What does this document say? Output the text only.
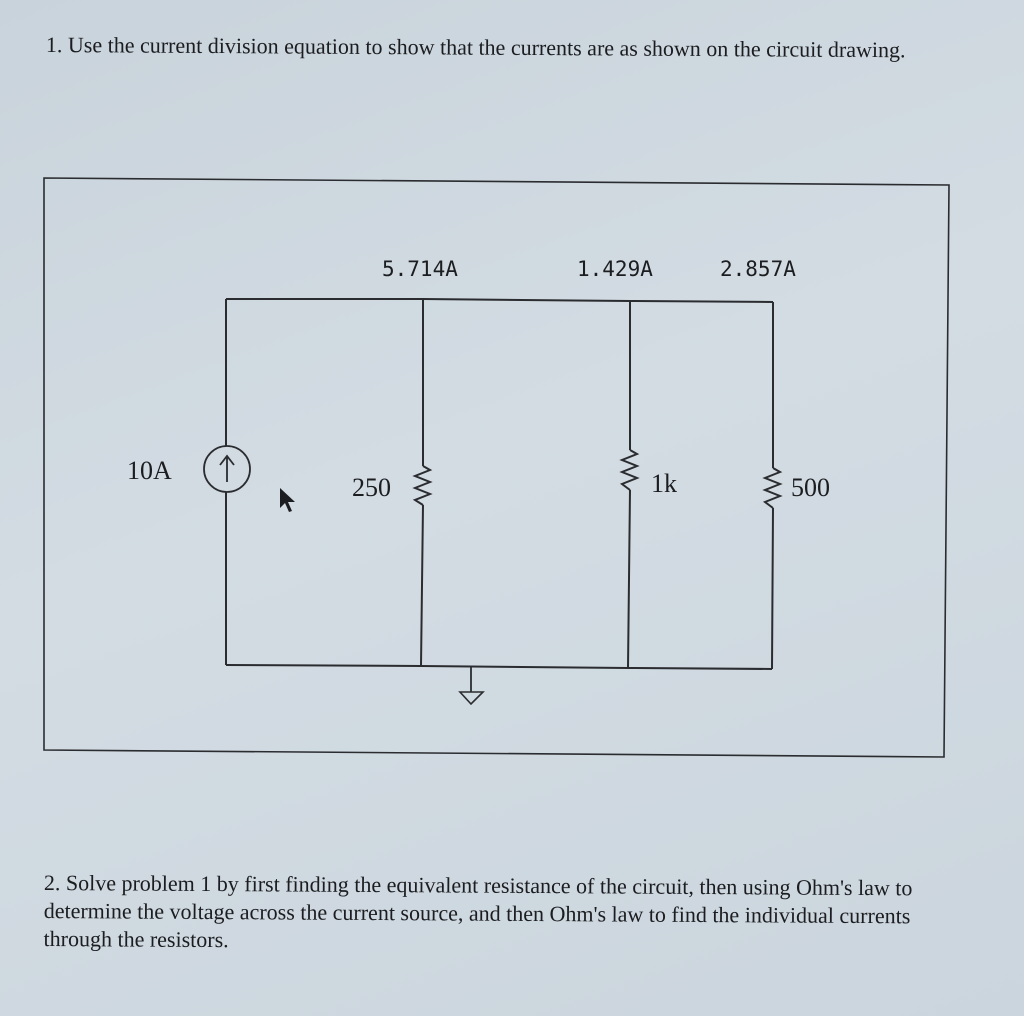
1. Use the current division equation to show that the currents are as shown on the circuit drawing.

5.714A	1.429A	2.857A
10A
250	1k	500

2. Solve problem 1 by first finding the equivalent resistance of the circuit, then using Ohm's law to determine the voltage across the current source, and then Ohm's law to find the individual currents through the resistors.
